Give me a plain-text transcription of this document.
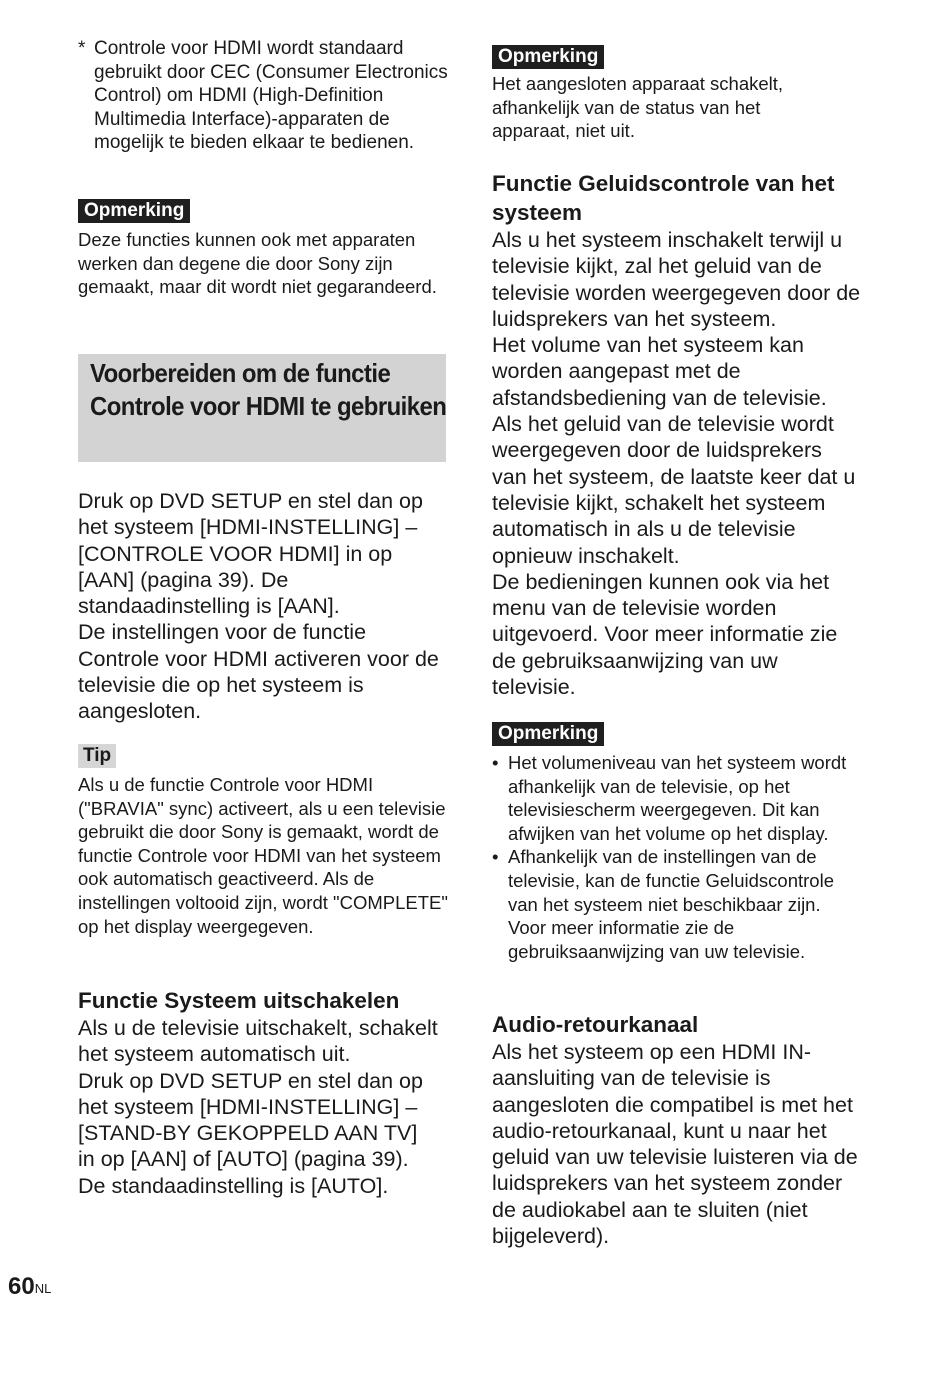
* Controle voor HDMI wordt standaard gebruikt door CEC (Consumer Electronics Control) om HDMI (High-Definition Multimedia Interface)-apparaten de mogelijk te bieden elkaar te bedienen.
Opmerking

Deze functies kunnen ook met apparaten werken dan degene die door Sony zijn gemaakt, maar dit wordt niet gegarandeerd.

Voorbereiden om de functie Controle voor HDMI te gebruiken

Druk op DVD SETUP en stel dan op het systeem [HDMI-INSTELLING] – [CONTROLE VOOR HDMI] in op [AAN] (pagina 39). De standaadinstelling is [AAN].

De instellingen voor de functie Controle voor HDMI activeren voor de televisie die op het systeem is aangesloten.

Tip

Als u de functie Controle voor HDMI ("BRAVIA" sync) activeert, als u een televisie gebruikt die door Sony is gemaakt, wordt de functie Controle voor HDMI van het systeem ook automatisch geactiveerd. Als de instellingen voltooid zijn, wordt "COMPLETE" op het display weergegeven.

Functie Systeem uitschakelen

Als u de televisie uitschakelt, schakelt het systeem automatisch uit.

Druk op DVD SETUP en stel dan op het systeem [HDMI-INSTELLING] – [STAND-BY GEKOPPELD AAN TV] in op [AAN] of [AUTO] (pagina 39). De standaadinstelling is [AUTO].

Opmerking

Het aangesloten apparaat schakelt, afhankelijk van de status van het apparaat, niet uit.

Functie Geluidscontrole van het systeem

Als u het systeem inschakelt terwijl u televisie kijkt, zal het geluid van de televisie worden weergegeven door de luidsprekers van het systeem.

Het volume van het systeem kan worden aangepast met de afstandsbediening van de televisie.

Als het geluid van de televisie wordt weergegeven door de luidsprekers van het systeem, de laatste keer dat u televisie kijkt, schakelt het systeem automatisch in als u de televisie opnieuw inschakelt.

De bedieningen kunnen ook via het menu van de televisie worden uitgevoerd. Voor meer informatie zie de gebruiksaanwijzing van uw televisie.

Opmerking
• Het volumeniveau van het systeem wordt afhankelijk van de televisie, op het televisiescherm weergegeven. Dit kan afwijken van het volume op het display.
• Afhankelijk van de instellingen van de televisie, kan de functie Geluidscontrole van het systeem niet beschikbaar zijn. Voor meer informatie zie de gebruiksaanwijzing van uw televisie.

Audio-retourkanaal

Als het systeem op een HDMI IN-aansluiting van de televisie is aangesloten die compatibel is met het audio-retourkanaal, kunt u naar het geluid van uw televisie luisteren via de luidsprekers van het systeem zonder de audiokabel aan te sluiten (niet bijgeleverd).

$60^{NL}$
